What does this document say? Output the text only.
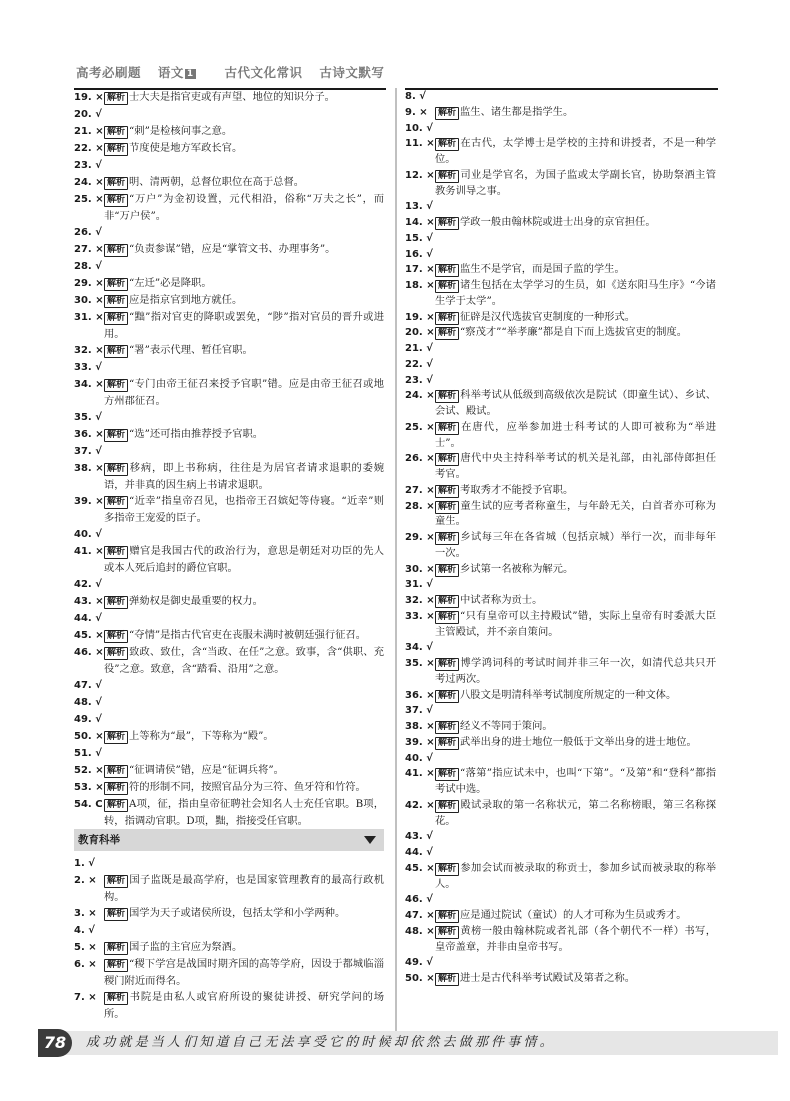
高考必刷题 语文 1 古代文化常识 古诗文默写
19. × 解析 士大夫是指官吏或有声望、地位的知识分子。
20. √
21. × 解析 “刺”是检核问事之意。
22. × 解析 节度使是地方军政长官。
23. √
24. × 解析 明、清两朝，总督位职位在高于总督。
25. × 解析 “万户”为金初设置，元代相沿，俗称“万夫之长”，而非“万户侯”。
26. √
27. × 解析 “负责参谋”错，应是“掌管文书、办理事务”。
28. √
29. × 解析 “左迁”必是降职。
30. × 解析 应是指京官到地方就任。
31. × 解析 “黜”指对官吏的降职或罢免，“陟”指对官员的晋升或进用。
32. × 解析 “署”表示代理、暂任官职。
33. √
34. × 解析 “专门由帝王征召来授予官职”错。应是由帝王征召或地方州郡征召。
35. √
36. × 解析 “选”还可指由推荐授予官职。
37. √
38. × 解析 移病，即上书称病，往往是为居官者请求退职的委婉语，并非真的因生病上书请求退职。
39. × 解析 “近幸”指皇帝召见，也指帝王召嫔妃等侍寝。“近幸”则多指帝王宠爱的臣子。
40. √
41. × 解析 赠官是我国古代的政治行为，意思是朝廷对功臣的先人或本人死后追封的爵位官职。
42. √
43. × 解析 弹劾权是御史最重要的权力。
44. √
45. × 解析 “夺情”是指古代官吏在丧服未满时被朝廷强行征召。
46. × 解析 致政、致仕，含“当政、在任”之意。致事，含“供职、充役”之意。致意，含“踏看、沿用”之意。
47. √
48. √
49. √
50. × 解析 上等称为“最”，下等称为“殿”。
51. √
52. × 解析 “征调请侯”错，应是“征调兵将”。
53. × 解析 符的形制不同，按照官品分为三符、鱼牙符和竹符。
54. C 解析 A项，征，指由皇帝征聘社会知名人士充任官职。B项，转，指调动官职。D项，黜，指接受任官职。
教育科举
1. √
2. × 解析 国子监既是最高学府，也是国家管理教育的最高行政机构。
3. × 解析 国学为天子或诸侯所设，包括太学和小学两种。
4. √
5. × 解析 国子监的主官应为祭酒。
6. × 解析 “稷下学宫是战国时期齐国的高等学府，因设于都城临淄稷门附近而得名。
7. × 解析 书院是由私人或官府所设的聚徒讲授、研究学问的场所。
8. √
9. × 解析 监生、诸生都是指学生。
10. √
11. × 解析 在古代，太学博士是学校的主持和讲授者，不是一种学位。
12. × 解析 司业是学官名，为国子监或太学副长官，协助祭酒主管教务训导之事。
13. √
14. × 解析 学政一般由翰林院或进士出身的京官担任。
15. √
16. √
17. × 解析 监生不是学官，而是国子监的学生。
18. × 解析 诸生包括在太学学习的生员，如《送东阳马生序》“今诸生学于太学”。
19. × 解析 征辟是汉代选拔官吏制度的一种形式。
20. × 解析 “察茂才”“举孝廉”都是自下而上选拔官吏的制度。
21. √
22. √
23. √
24. × 解析 科举考试从低级到高级依次是院试（即童生试）、乡试、会试、殿试。
25. × 解析 在唐代，应举参加进士科考试的人即可被称为“举进士”。
26. × 解析 唐代中央主持科举考试的机关是礼部，由礼部侍郎担任考官。
27. × 解析 考取秀才不能授予官职。
28. × 解析 童生试的应考者称童生，与年龄无关，白首者亦可称为童生。
29. × 解析 乡试每三年在各省城（包括京城）举行一次，而非每年一次。
30. × 解析 乡试第一名被称为解元。
31. √
32. × 解析 中试者称为贡士。
33. × 解析 “只有皇帝可以主持殿试”错，实际上皇帝有时委派大臣主管殿试，并不亲自策问。
34. √
35. × 解析 博学鸿词科的考试时间并非三年一次，如清代总共只开考过两次。
36. × 解析 八股文是明清科举考试制度所规定的一种文体。
37. √
38. × 解析 经义不等同于策问。
39. × 解析 武举出身的进士地位一般低于文举出身的进士地位。
40. √
41. × 解析 “落第”指应试未中，也叫“下第”。“及第”和“登科”都指考试中选。
42. × 解析 殿试录取的第一名称状元，第二名称榜眼，第三名称探花。
43. √
44. √
45. × 解析 参加会试而被录取的称贡士，参加乡试而被录取的称举人。
46. √
47. × 解析 应是通过院试（童试）的人才可称为生员或秀才。
48. × 解析 黄榜一般由翰林院或者礼部（各个朝代不一样）书写，皇帝盖章，并非由皇帝书写。
49. √
50. × 解析 进士是古代科举考试殿试及第者之称。
78	成功就是当人们知道自己无法享受它的时候却依然去做那件事情。
